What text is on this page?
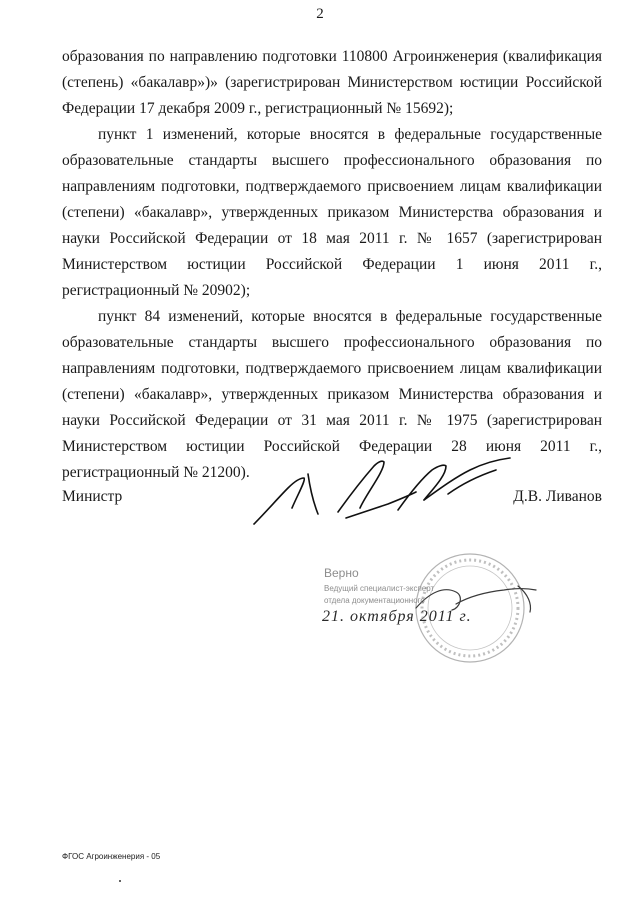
2

образования по направлению подготовки 110800 Агроинженерия (квалификация (степень) «бакалавр»)» (зарегистрирован Министерством юстиции Российской Федерации 17 декабря 2009 г., регистрационный № 15692);

пункт 1 изменений, которые вносятся в федеральные государственные образовательные стандарты высшего профессионального образования по направлениям подготовки, подтверждаемого присвоением лицам квалификации (степени) «бакалавр», утвержденных приказом Министерства образования и науки Российской Федерации от 18 мая 2011 г. № 1657 (зарегистрирован Министерством юстиции Российской Федерации 1 июня 2011 г., регистрационный № 20902);

пункт 84 изменений, которые вносятся в федеральные государственные образовательные стандарты высшего профессионального образования по направлениям подготовки, подтверждаемого присвоением лицам квалификации (степени) «бакалавр», утвержденных приказом Министерства образования и науки Российской Федерации от 31 мая 2011 г. № 1975 (зарегистрирован Министерством юстиции Российской Федерации 28 июня 2011 г., регистрационный № 21200).

Министр	Д.В. Ливанов
Верно
Ведущий специалист-эксперт
отдела документационного
21. октября 2011 г.
ФГОС Агроинженерия - 05
